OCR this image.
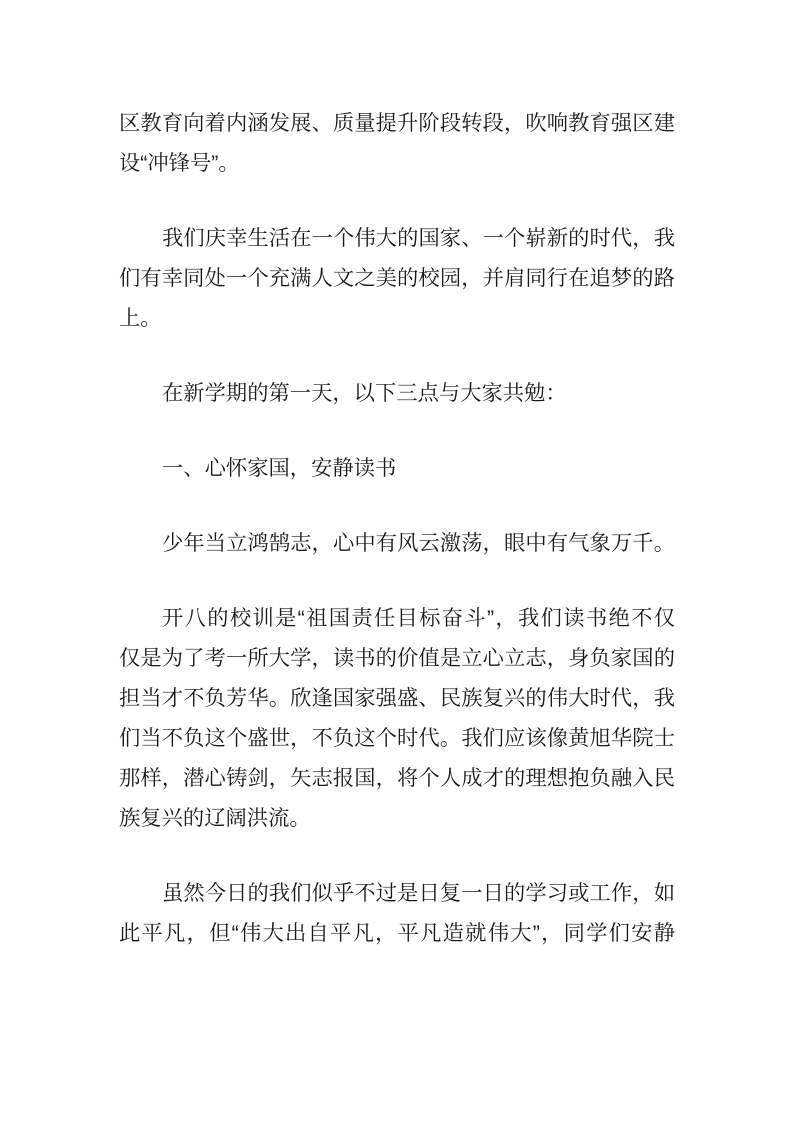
区教育向着内涵发展、质量提升阶段转段，吹响教育强区建
设“冲锋号”。
我们庆幸生活在一个伟大的国家、一个崭新的时代，我
们有幸同处一个充满人文之美的校园，并肩同行在追梦的路
上。
在新学期的第一天，以下三点与大家共勉：
一、心怀家国，安静读书
少年当立鸿鹄志，心中有风云激荡，眼中有气象万千。
开八的校训是“祖国责任目标奋斗”，我们读书绝不仅
仅是为了考一所大学，读书的价值是立心立志，身负家国的
担当才不负芳华。欣逢国家强盛、民族复兴的伟大时代，我
们当不负这个盛世，不负这个时代。我们应该像黄旭华院士
那样，潜心铸剑，矢志报国，将个人成才的理想抱负融入民
族复兴的辽阔洪流。
虽然今日的我们似乎不过是日复一日的学习或工作，如
此平凡，但“伟大出自平凡，平凡造就伟大”，同学们安静
